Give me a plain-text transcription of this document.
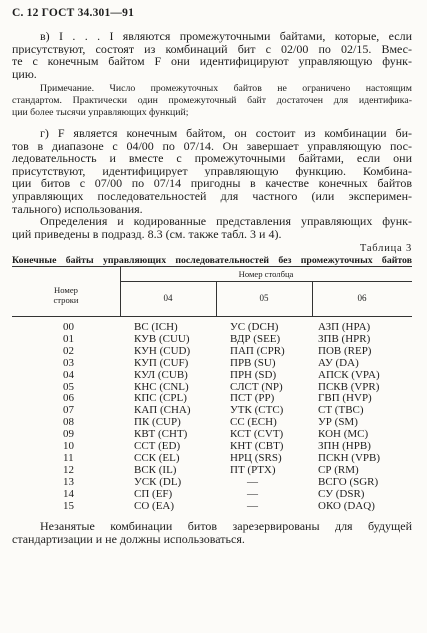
С. 12 ГОСТ 34.301—91
в) I . . . I являются промежуточными байтами, которые, если
присутствуют, состоят из комбинаций бит с 02/00 по 02/15. Вмес-
те с конечным байтом F они идентифицируют управляющую функ-
цию.
Примечание. Число промежуточных байтов не ограничено настоящим
стандартом. Практически один промежуточный байт достаточен для идентифика-
ции более тысячи управляющих функций;
г) F является конечным байтом, он состоит из комбинации би-
тов в диапазоне с 04/00 по 07/14. Он завершает управляющую пос-
ледовательность и вместе с промежуточными байтами, если они
присутствуют, идентифицирует управляющую функцию. Комбина-
ции битов с 07/00 по 07/14 пригодны в качестве конечных байтов
управляющих последовательностей для частного (или эксперимен-
тального) использования.
Определения и кодированные представления управляющих функ-
ций приведены в подразд. 8.3 (см. также табл. 3 и 4).
Таблица 3
Конечные байты управляющих последовательностей без промежуточных байтов
Номер столбца
Номер
строки	04	05	06
00	ВС (ICH)	УС (DCH)	АЗП (HPA)
01	КУВ (CUU)	ВДР (SEE)	ЗПВ (HPR)
02	КУН (CUD)	ПАП (CPR)	ПОВ (REP)
03	КУП (CUF)	ПРВ (SU)	АУ (DA)
04	КУЛ (CUB)	ПРН (SD)	АПСК (VPA)
05	КНС (CNL)	СЛСТ (NP)	ПСКВ (VPR)
06	КПС (CPL)	ПСТ (PP)	ГВП (HVP)
07	КАП (CHA)	УТК (CTC)	СТ (TBC)
08	ПК (CUP)	СС (ECH)	УР (SM)
09	КВТ (CHT)	КСТ (CVT)	КОН (MC)
10	ССТ (ED)	КНТ (CBT)	ЗПН (HPB)
11	ССК (EL)	НРЦ (SRS)	ПСКН (VPB)
12	ВСК (IL)	ПТ (PTX)	СР (RM)
13	УСК (DL)	—	ВСГО (SGR)
14	СП (EF)	—	СУ (DSR)
15	СО (EA)	—	ОКО (DAQ)
Незанятые комбинации битов зарезервированы для будущей
стандартизации и не должны использоваться.
